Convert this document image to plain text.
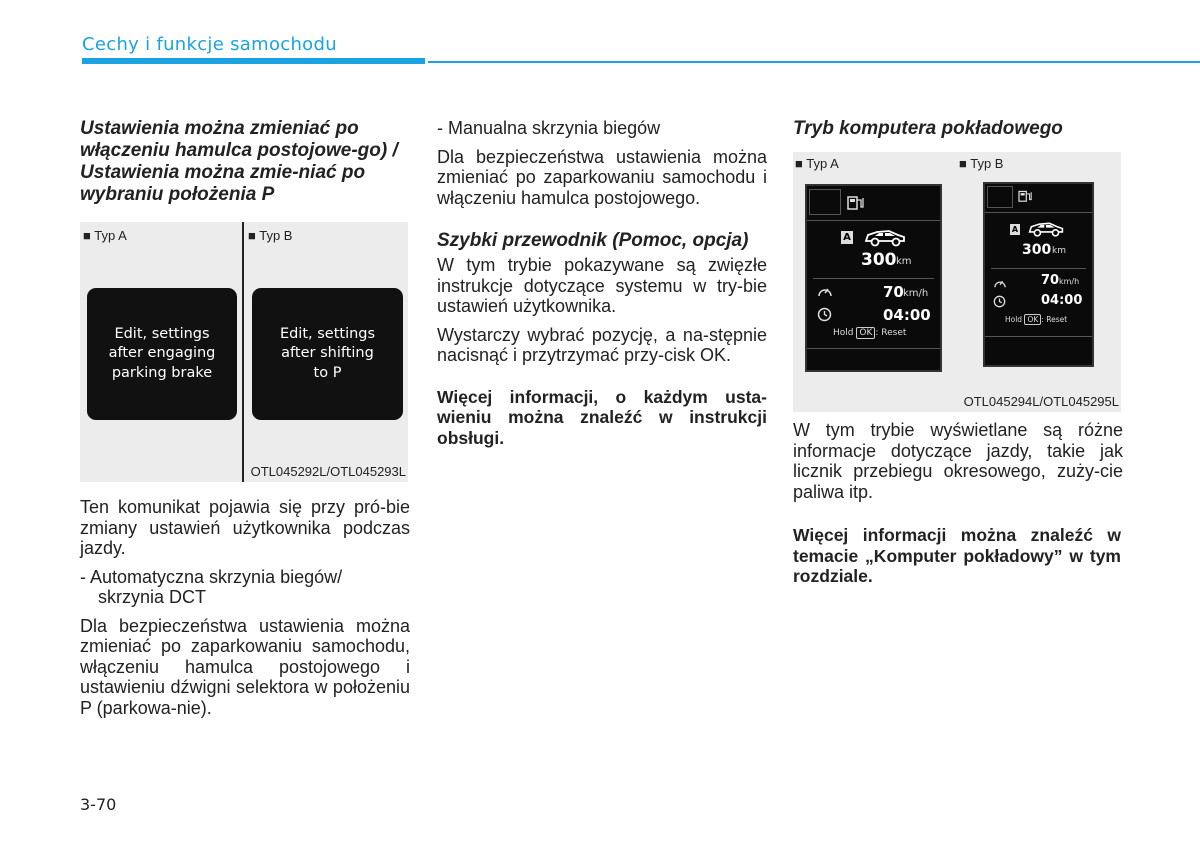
Cechy i funkcje samochodu
Ustawienia można zmieniać po włączeniu hamulca postojowe-go) / Ustawienia można zmie-niać po wybraniu położenia P
■ Typ A	■ Typ B
Edit, settings
after engaging
parking brake
Edit, settings
after shifting
to P
OTL045292L/OTL045293L

Ten komunikat pojawia się przy pró-bie zmiany ustawień użytkownika podczas jazdy.

- Automatyczna skrzynia biegów/ skrzynia DCT

Dla bezpieczeństwa ustawienia można zmieniać po zaparkowaniu samochodu, włączeniu hamulca postojowego i ustawieniu dźwigni selektora w położeniu P (parkowa-nie).

- Manualna skrzynia biegów

Dla bezpieczeństwa ustawienia można zmieniać po zaparkowaniu samochodu i włączeniu hamulca postojowego.

Szybki przewodnik (Pomoc, opcja)

W tym trybie pokazywane są zwięzłe instrukcje dotyczące systemu w try-bie ustawień użytkownika.

Wystarczy wybrać pozycję, a na-stępnie nacisnąć i przytrzymać przy-cisk OK.

Więcej informacji, o każdym usta-wieniu można znaleźć w instrukcji obsługi.

Tryb komputera pokładowego
■ Typ A	■ Typ B
A
300 km
70 km/h
04:00
Hold OK : Reset
A
300 km
70 km/h
04:00
Hold OK : Reset
OTL045294L/OTL045295L

W tym trybie wyświetlane są różne informacje dotyczące jazdy, takie jak licznik przebiegu okresowego, zuży-cie paliwa itp.

Więcej informacji można znaleźć w temacie „Komputer pokładowy” w tym rozdziale.

3-70
